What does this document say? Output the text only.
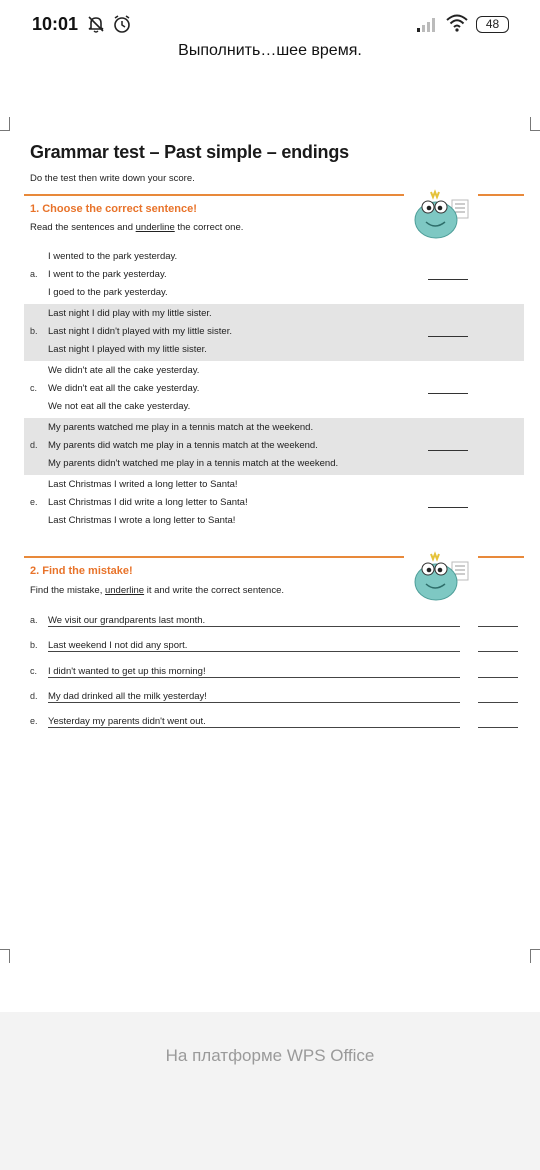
10:01	48
Выполнить…шее время.
Grammar test – Past simple – endings
Do the test then write down your score.
1. Choose the correct sentence!
Read the sentences and underline the correct one.
a.
I wented to the park yesterday.
I went to the park yesterday.
I goed to the park yesterday.
b.
Last night I did play with my little sister.
Last night I didn't played with my little sister.
Last night I played with my little sister.
c.
We didn't ate all the cake yesterday.
We didn't eat all the cake yesterday.
We not eat all the cake yesterday.
d.
My parents watched me play in a tennis match at the weekend.
My parents did watch me play in a tennis match at the weekend.
My parents didn't watched me play in a tennis match at the weekend.
e.
Last Christmas I writed a long letter to Santa!
Last Christmas I did write a long letter to Santa!
Last Christmas I wrote a long letter to Santa!
2. Find the mistake!
Find the mistake, underline it and write the correct sentence.
a. We visit our grandparents last month.
b. Last weekend I not did any sport.
c. I didn't wanted to get up this morning!
d. My dad drinked all the milk yesterday!
e. Yesterday my parents didn't went out.
На платформе WPS Office
